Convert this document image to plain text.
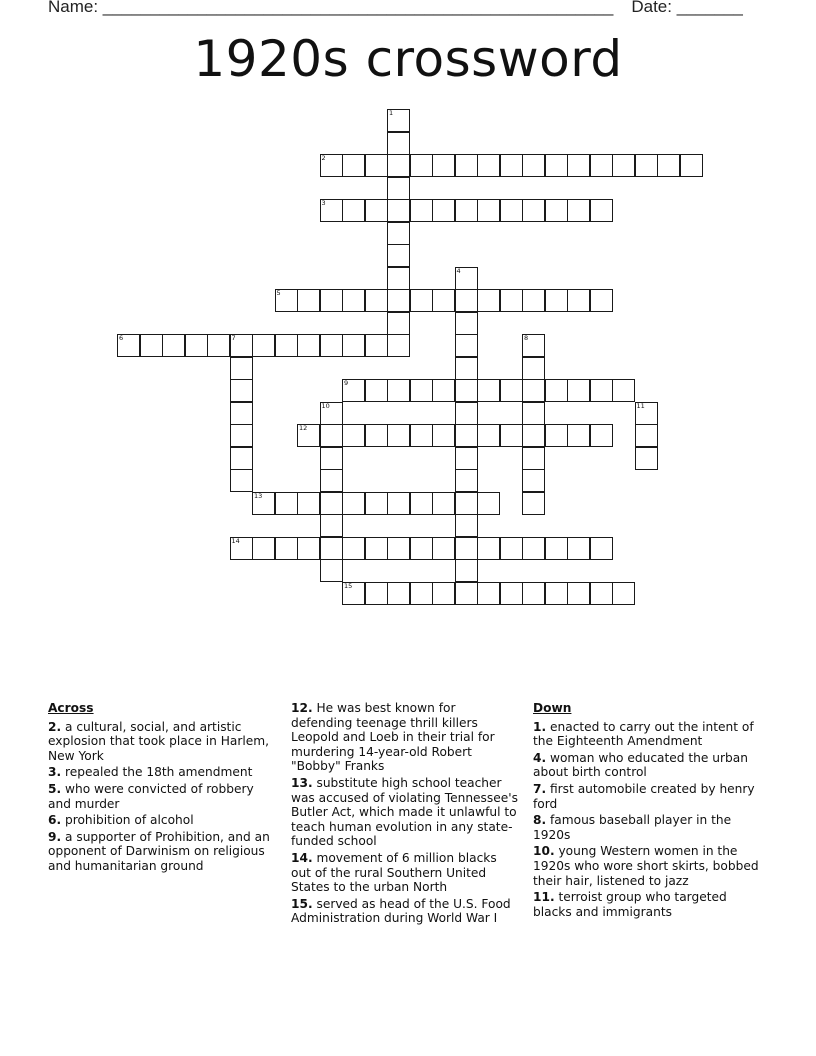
Name: ______________________________________________________ Date: _______
1920s crossword
1
2
3
4
5
6	7	8
9
10	11
12
13
14
15
Across
2. a cultural, social, and artistic explosion that took place in Harlem, New York
3. repealed the 18th amendment
5. who were convicted of robbery and murder
6. prohibition of alcohol
9. a supporter of Prohibition, and an opponent of Darwinism on religious and humanitarian ground
12. He was best known for defending teenage thrill killers Leopold and Loeb in their trial for murdering 14-year-old Robert "Bobby" Franks
13. substitute high school teacher was accused of violating Tennessee's Butler Act, which made it unlawful to teach human evolution in any state-funded school
14. movement of 6 million blacks out of the rural Southern United States to the urban North
15. served as head of the U.S. Food Administration during World War I
Down
1. enacted to carry out the intent of the Eighteenth Amendment
4. woman who educated the urban about birth control
7. first automobile created by henry ford
8. famous baseball player in the 1920s
10. young Western women in the 1920s who wore short skirts, bobbed their hair, listened to jazz
11. terroist group who targeted blacks and immigrants
